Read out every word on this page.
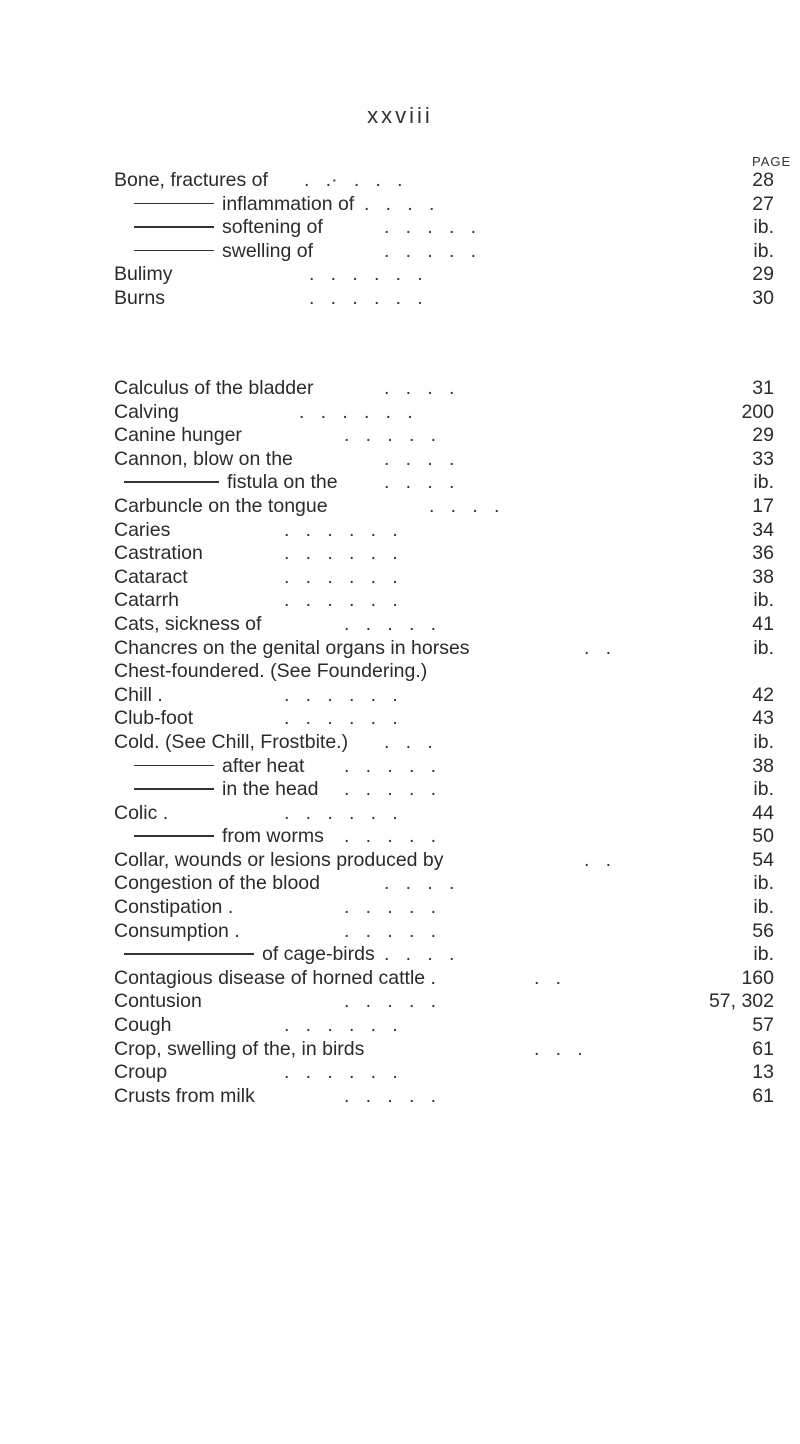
xxviii
PAGE
Bone, fractures of .   .·   .   .   .	28
inflammation of .   .   .   .	27
softening of	.   .   .   .   .	ib.
swelling of	.   .   .   .   .	ib.
Bulimy	.   .   .   .   .   .	29
Burns	.   .   .   .   .   .	30
Calculus of the bladder	.   .   .   .	31
Calving	.   .   .   .   .   .	200
Canine hunger	.   .   .   .   .	29
Cannon, blow on the	.   .   .   .	33
fistula on the .   .   .   .	ib.
Carbuncle on the tongue	.   .   .   .	17
Caries	.   .   .   .   .   .	34
Castration	.   .   .   .   .   .	36
Cataract	.   .   .   .   .   .	38
Catarrh	.   .   .   .   .   .	ib.
Cats, sickness of	.   .   .   .   .	41
Chancres on the genital organs in horses	.   .	ib.
Chest-foundered. (See Foundering.)
Chill .	.   .   .   .   .   .	42
Club-foot	.   .   .   .   .   .	43
Cold. (See Chill, Frostbite.) .   .   .	ib.
after heat .   .   .   .   .	38
in the head .   .   .   .   .	ib.
Colic .	.   .   .   .   .   .	44
from worms .   .   .   .   .	50
Collar, wounds or lesions produced by	.   .	54
Congestion of the blood	.   .   .   .	ib.
Constipation .	.   .   .   .   .	ib.
Consumption .	.   .   .   .   .	56
of cage-birds .   .   .   .	ib.
Contagious disease of horned cattle .	.   .	160
Contusion	.   .   .   .   .	57, 302
Cough	.   .   .   .   .   .	57
Crop, swelling of the, in birds	.   .   .	61
Croup	.   .   .   .   .   .	13
Crusts from milk	.   .   .   .   .	61
